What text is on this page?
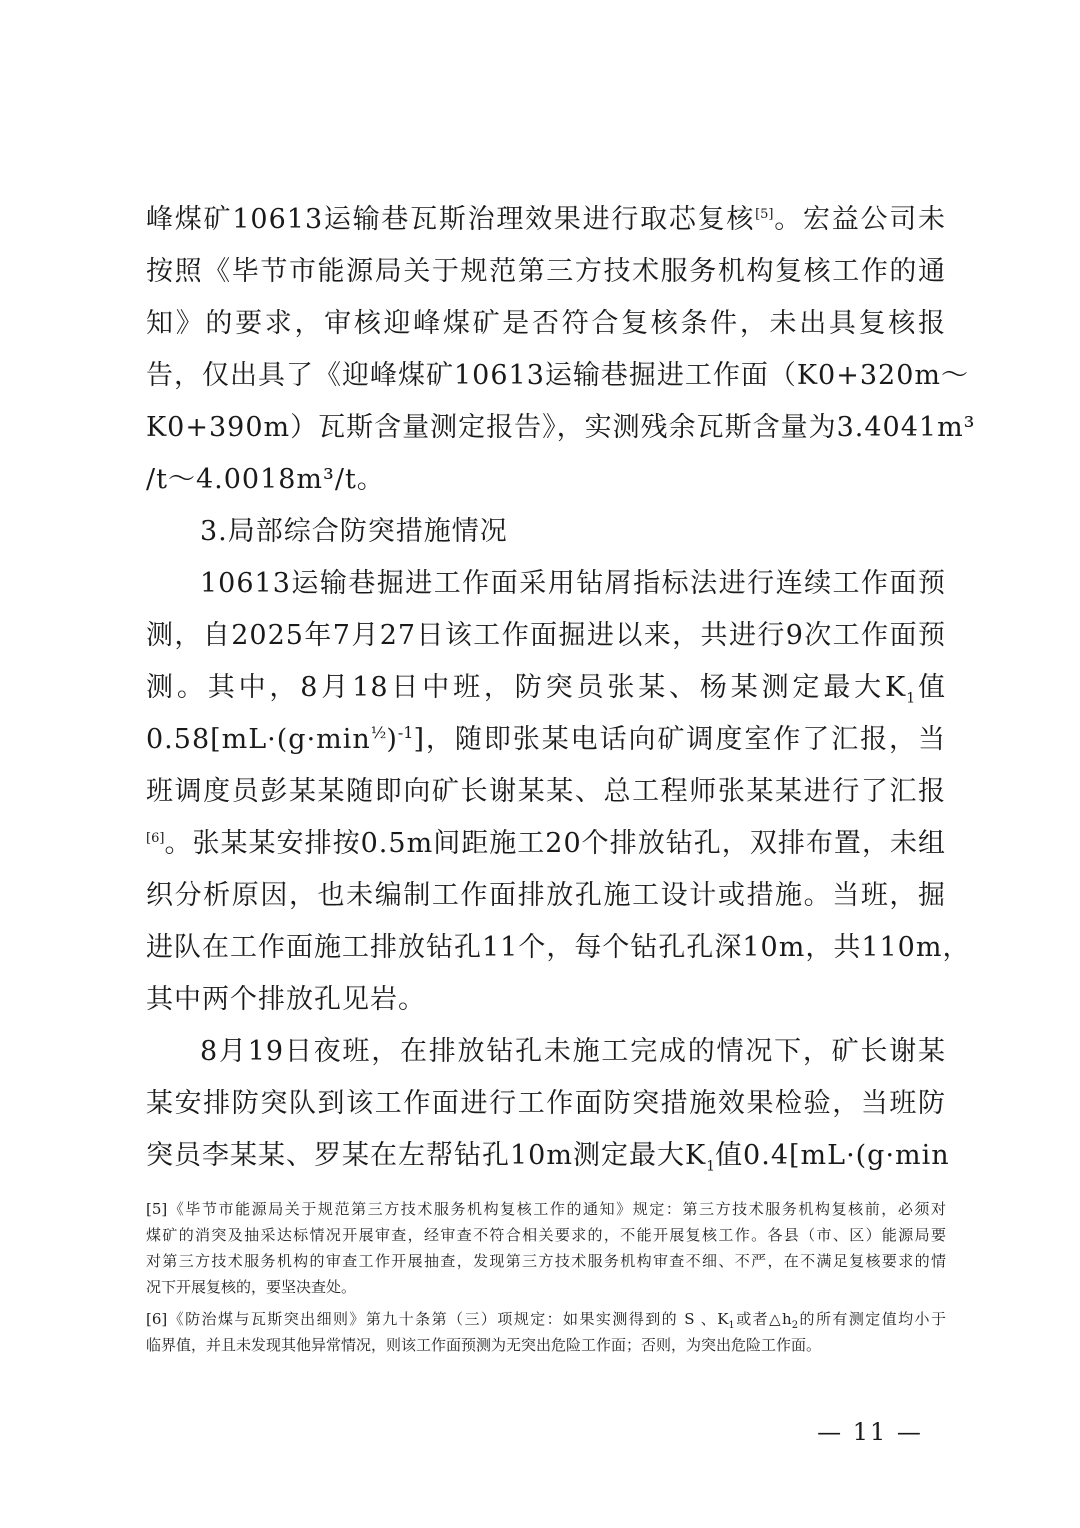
峰煤矿10613运输巷瓦斯治理效果进行取芯复核[5]。宏益公司未
按照《毕节市能源局关于规范第三方技术服务机构复核工作的通
知》的要求，审核迎峰煤矿是否符合复核条件，未出具复核报
告，仅出具了《迎峰煤矿10613运输巷掘进工作面（K0+320m～
K0+390m）瓦斯含量测定报告》，实测残余瓦斯含量为3.4041m³
/t～4.0018m³/t。
3.局部综合防突措施情况
10613运输巷掘进工作面采用钻屑指标法进行连续工作面预
测，自2025年7月27日该工作面掘进以来，共进行9次工作面预
测。其中，8月18日中班，防突员张某、杨某测定最大$K_1$值
$0.58[mL\cdot(g\cdot\min^{\frac{1}{2}})^{-1}]$，随即张某电话向矿调度室作了汇报，当
班调度员彭某某随即向矿长谢某某、总工程师张某某进行了汇报
[6]。张某某安排按0.5m间距施工20个排放钻孔，双排布置，未组
织分析原因，也未编制工作面排放孔施工设计或措施。当班，掘
进队在工作面施工排放钻孔11个，每个钻孔孔深10m，共110m，
其中两个排放孔见岩。
8月19日夜班，在排放钻孔未施工完成的情况下，矿长谢某
某安排防突队到该工作面进行工作面防突措施效果检验，当班防
突员李某某、罗某在左帮钻孔10m测定最大$K_1$值0.4[mL·(g·min
[5]《毕节市能源局关于规范第三方技术服务机构复核工作的通知》规定：第三方技术服务机构复核前，必须对
煤矿的消突及抽采达标情况开展审查，经审查不符合相关要求的，不能开展复核工作。各县（市、区）能源局要
对第三方技术服务机构的审查工作开展抽查，发现第三方技术服务机构审查不细、不严，在不满足复核要求的情
况下开展复核的，要坚决查处。
[6]《防治煤与瓦斯突出细则》第九十条第（三）项规定：如果实测得到的 S 、$K_1$或者$\triangle h_2$的所有测定值均小于
临界值，并且未发现其他异常情况，则该工作面预测为无突出危险工作面；否则，为突出危险工作面。
— 11 —
